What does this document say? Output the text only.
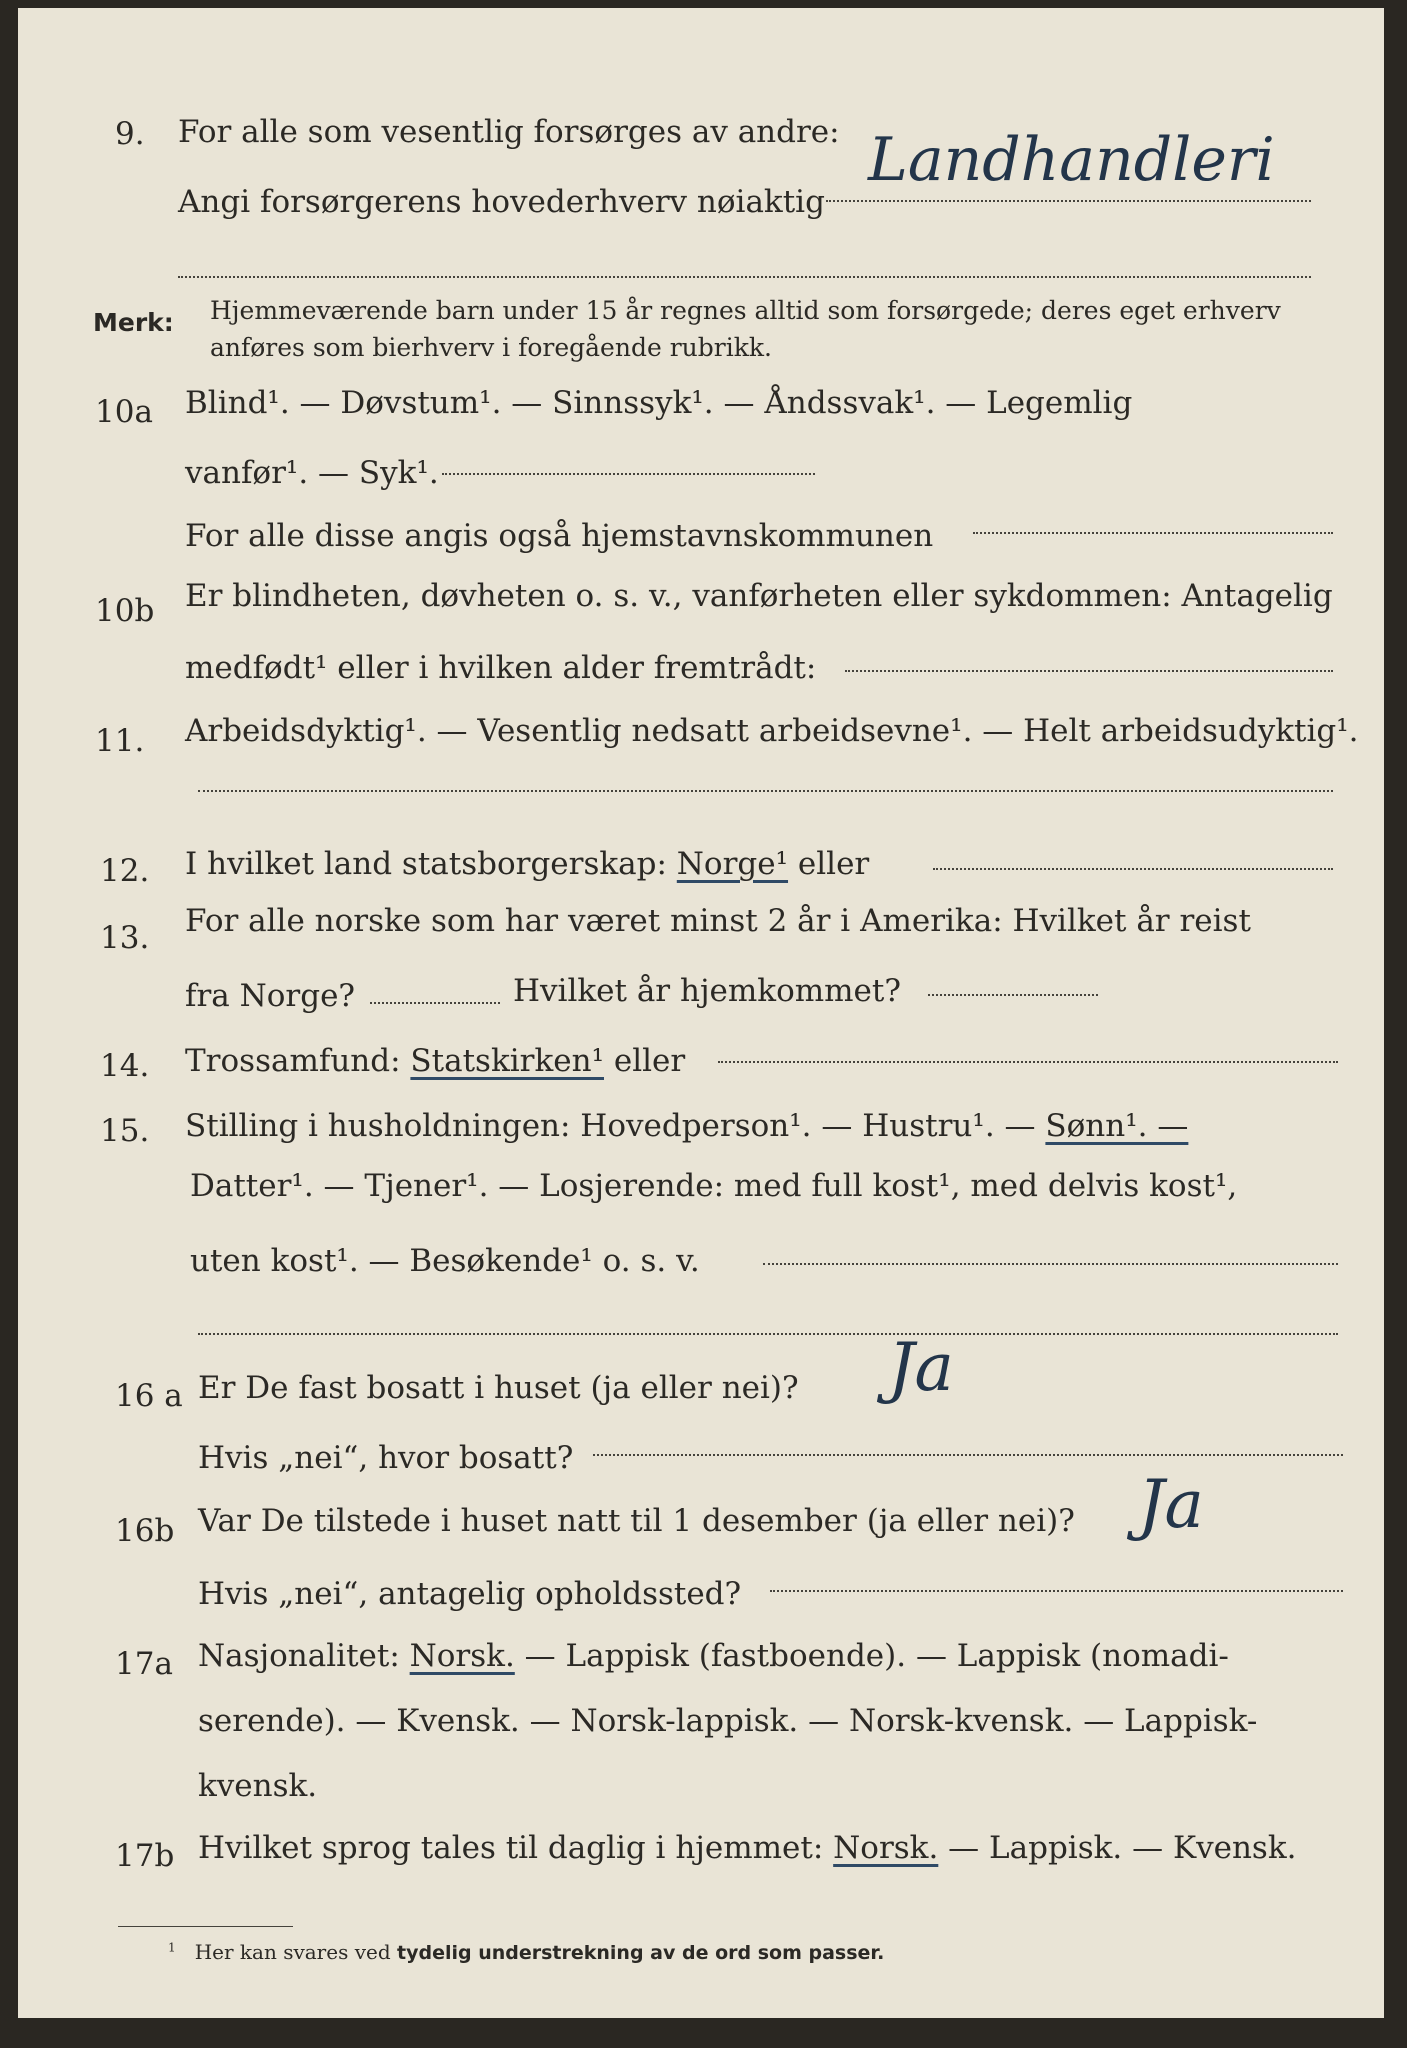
9. For alle som vesentlig forsørges av andre:
Angi forsørgerens hovederhverv nøiaktig
Landhandleri
Merk: Hjemmeværende barn under 15 år regnes alltid som forsørgede; deres eget erhverv
anføres som bierhverv i foregående rubrikk.
10a Blind¹. — Døvstum¹. — Sinnssyk¹. — Åndssvak¹. — Legemlig
vanfør¹. — Syk¹.
For alle disse angis også hjemstavnskommunen
10b Er blindheten, døvheten o. s. v., vanførheten eller sykdommen: Antagelig
medfødt¹ eller i hvilken alder fremtrådt:
11. Arbeidsdyktig¹. — Vesentlig nedsatt arbeidsevne¹. — Helt arbeidsudyktig¹.
12. I hvilket land statsborgerskap: Norge¹ eller
13. For alle norske som har været minst 2 år i Amerika: Hvilket år reist
fra Norge?	Hvilket år hjemkommet?
14. Trossamfund: Statskirken¹ eller
15. Stilling i husholdningen: Hovedperson¹. — Hustru¹. — Sønn¹. —
Datter¹. — Tjener¹. — Losjerende: med full kost¹, med delvis kost¹,
uten kost¹. — Besøkende¹ o. s. v.
16 a Er De fast bosatt i huset (ja eller nei)? Ja
Hvis „nei“, hvor bosatt?
16b Var De tilstede i huset natt til 1 desember (ja eller nei)? Ja
Hvis „nei“, antagelig opholdssted?
17a Nasjonalitet: Norsk. — Lappisk (fastboende). — Lappisk (nomadi-
serende). — Kvensk. — Norsk-lappisk. — Norsk-kvensk. — Lappisk-
kvensk.
17b Hvilket sprog tales til daglig i hjemmet: Norsk. — Lappisk. — Kvensk.
$^1$ Her kan svares ved tydelig understrekning av de ord som passer.
